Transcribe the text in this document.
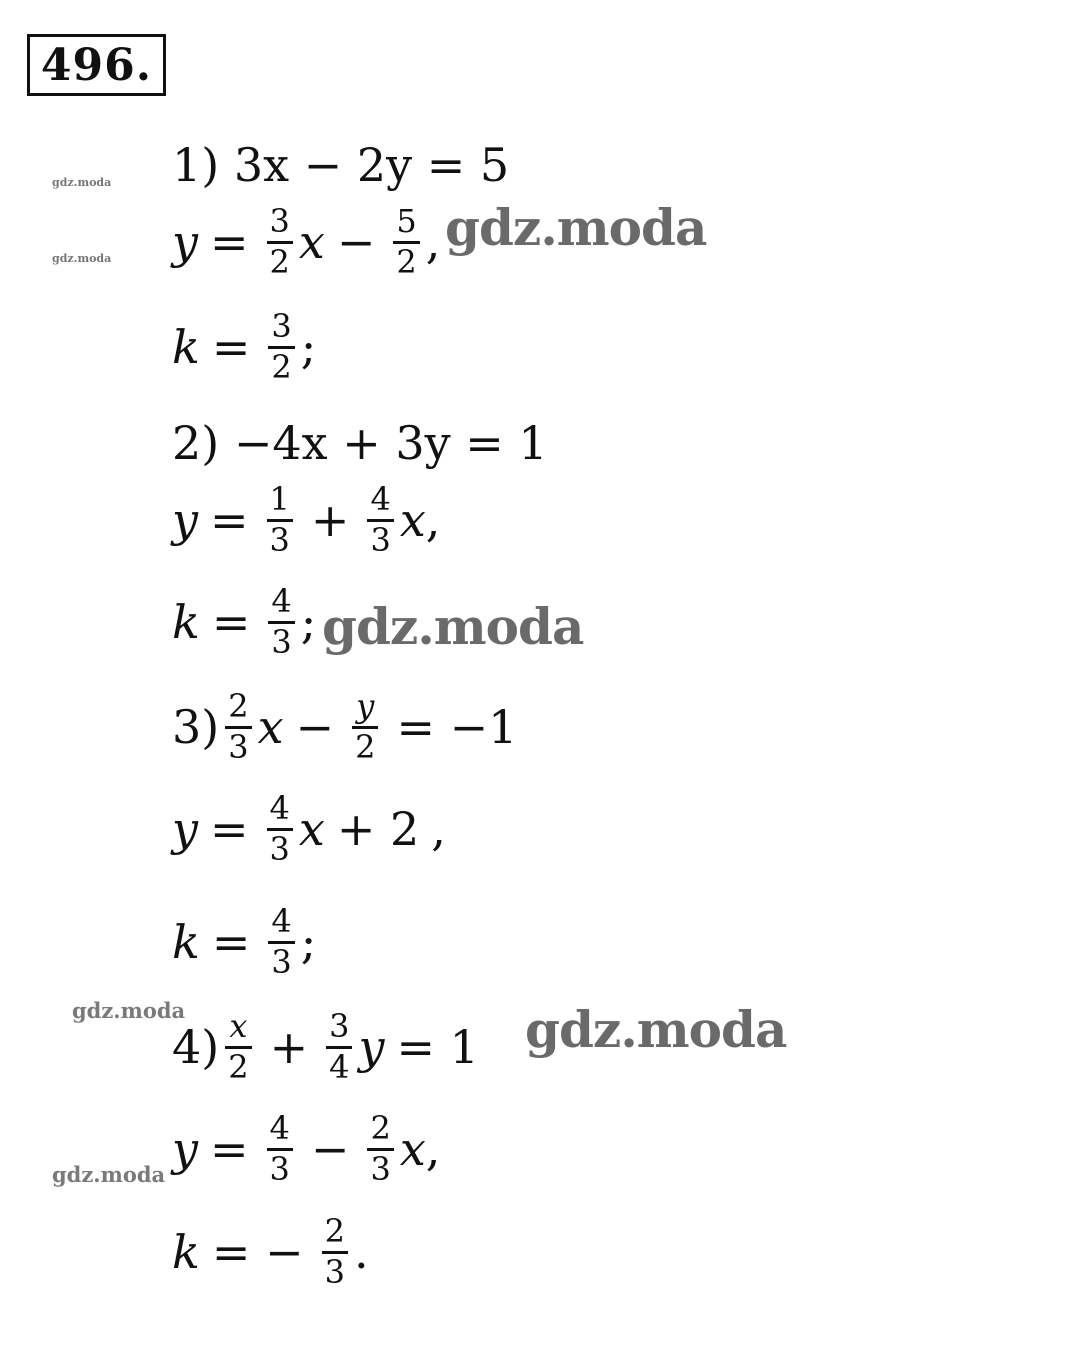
496.
1)
3x − 2y = 5
$y = \frac{3}{2}$ $x - \frac{5}{2}$ ,
$k = \frac{3}{2}$ ;
2)
−4x + 3y = 1
$y = \frac{1}{3} + \frac{4}{3}$ x ,
$k = \frac{4}{3}$ ;
$3) \frac{2}{3}$ $x - \frac{y}{2} = -1$
$y = \frac{4}{3}$ x + 2 ,
$k = \frac{4}{3}$ ;
$4) \frac{x}{2} + \frac{3}{4}$ y = 1
$y = \frac{4}{3} - \frac{2}{3}$ x ,
k = − $\frac{2}{3}$ .
gdz.moda
gdz.moda
gdz.moda
gdz.moda
gdz.moda
gdz.moda
gdz.moda
